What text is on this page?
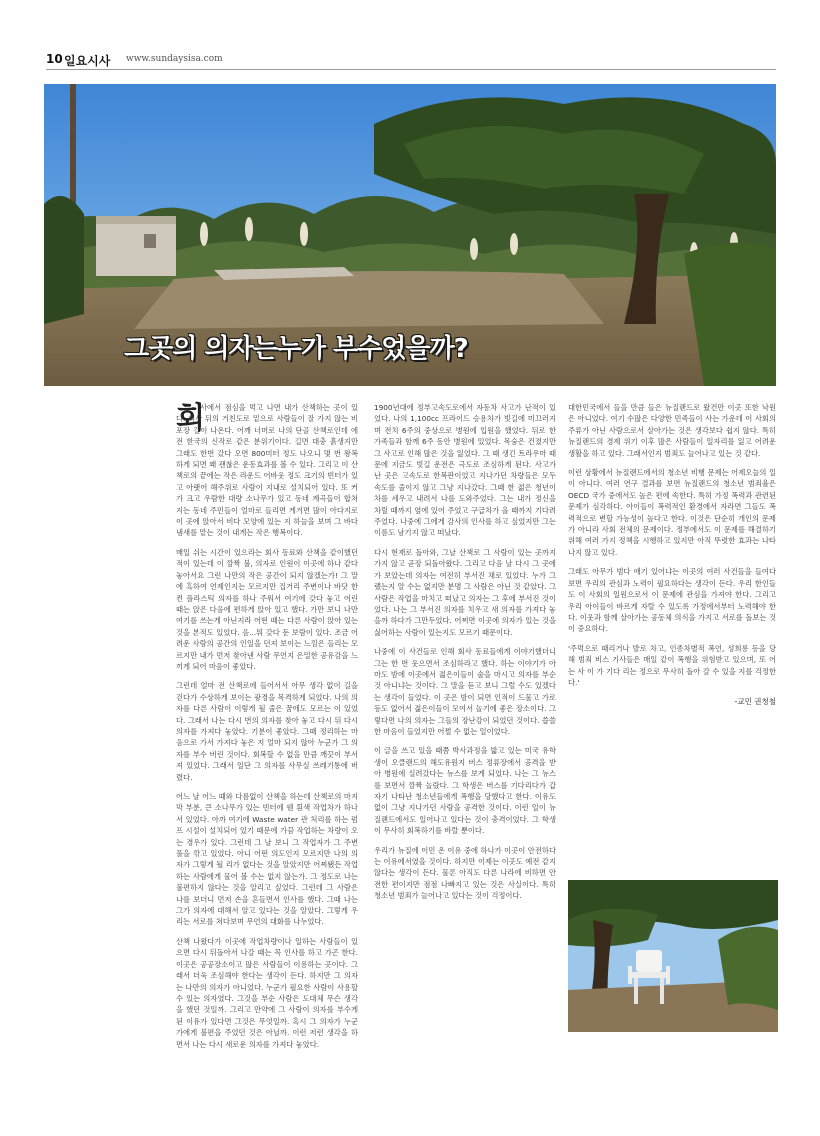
10 일요시사 www.sundaysisa.com
그곳의 의자는누가 부수었을까?
회

사에서 점심을 먹고 나면 내가 산책하는 곳이 있다. 회사 뒤의 거친도로 밑으로 사람들이 잘 가지 않는 비포장 길이 나온다. 어깨 너머로 나의 단골 산책로인데 에전 한국의 신작로 같은 분위기이다. 길면 대충 흙생지만 그래도 한번 갔다 오면 800미터 정도 나오니 몇 번 왕복하게 되면 꽤 괜찮은 운동효과를 볼 수 있다. 그리고 이 산책로의 끝에는 작은 라운드 어바웃 정도 크기의 빈터가 있고 아랫어 해주위로 사람이 지내로 설치되어 있다. 또 커가 크고 우람한 대량 소나무가 있고 동네 계곡들이 합쳐 지는 동네 주민들이 얼마로 들리면 게겨면 많이 아다지로 이 곳에 앉아서 비다 모양에 있는 지 하늘을 보며 그 바다 냄새를 맡는 것이 내게는 작은 행복이다.

매일 쉬는 시간이 있으라는 회사 동료와 산책을 같이했던 적이 있는데 이 깜짝 불, 의자로 인원이 이곳에 하나 같다 놓아서요 그런 나만의 작은 공간이 되지 않겠는가! 그 말에 흑하여 언제인지는 모르지만 집거리 주변이나 바닷 한켠 플라스틱 의자를 하나 주워서 여기에 갖다 놓고 어린 때는 앉은 다음에 편하게 앉아 있고 했다. 가만 보니 나만 여기를 쓰는게 아닌지라 어떤 때는 다른 사람이 앉아 있는 것을 본적도 있었다. 음...뭐 갖다 둔 보람이 있다. 조금 어려운 사람의 공간의 인일을 던져 보이는 느낌은 들리는 모르지만 내가 먼저 찾아낸 사람 무언지 은밀한 공유감을 느끼게 되어 마음이 좋았다.

그런데 얼마 전 산책로에 들어서서 아무 생각 없이 길을 걷다가 수상하게 보이는 광경을 목격하게 되었다. 나의 의자를 다른 사람이 이렇게 될 줄은 꿈에도 모르는 이 있었다. 그래서 나는 다시 번의 의자를 찾아 놓고 다시 뒤 다시 의자를 가져다 놓았다. 기분이 좋았다. 그때 정리하는 마음으로 가서 가져다 놓은 지 얼마 되지 않아 누군가 그 의자를 부수 버린 것이다. 회복할 수 없을 만큼 깨끗이 부서져 있었다. 그래서 일단 그 의자를 사무실 쓰레기통에 버렸다.

어느 날 어느 때와 다름없이 산책을 하는데 산책로의 마지막 부분, 큰 소나무가 있는 빈터에 웬 흰색 작업차가 하나 서 있었다. 아까 여기에 Waste water 관 처리를 하는 펌프 시설이 설치되어 있기 때문에 가끔 작업하는 차량이 오는 경우가 있다. 그런데 그 날 보니 그 작업자가 그 주변 풀을 깎고 있었다. 아니 어떤 의도인지 모르지만 나의 의자가 그렇게 될 리가 없다는 것을 알았지만 어찌됐든 작업하는 사람에게 물어 볼 수는 없지 않는가. 그 정도로 나는 불편하지 않다는 것을 알리고 싶었다. 그런데 그 사람은 나를 보더니 먼저 손을 흔들면서 인사를 했다. 그때 나는 그가 의자에 대해서 알고 있다는 것을 알았다. 그렇게 우리는 서로를 쳐다보며 무언의 대화를 나누었다.

산책 나왔다가 이곳에 작업차량이나 일하는 사람들이 있으면 다시 뒤돌아서 나갈 때는 꼭 인사를 하고 가곤 한다. 이곳은 공공장소이고 많은 사람들이 이용하는 곳이다. 그래서 더욱 조심해야 한다는 생각이 든다. 하지만 그 의자는 나만의 의자가 아니었다. 누군가 필요한 사람이 사용할 수 있는 의자였다. 그것을 부순 사람은 도대체 무슨 생각을 했던 것일까. 그리고 만약에 그 사람이 의자를 부수게 된 이유가 있다면 그것은 무엇일까. 혹시 그 의자가 누군가에게 불편을 주었던 것은 아닐까. 이런 저런 생각을 하면서 나는 다시 새로운 의자를 가져다 놓았다.

1900년대에 정부고속도로에서 자동차 사고가 난적이 있었다. 나의 1,100cc 프라이드 승용차가 빗길에 미끄러지며 전치 6주의 중상으로 병원에 입원을 했었다. 뒤로 한 가족들과 함께 6주 동안 병원에 있었다. 목숨은 건졌지만 그 사고로 인해 많은 것을 잃었다. 그 때 생긴 트라우마 때문에 지금도 빗길 운전은 극도로 조심하게 된다. 사고가 난 곳은 고속도로 한복판이었고 지나가던 차량들은 모두 속도를 줄이지 않고 그냥 지나갔다. 그때 한 젊은 청년이 차를 세우고 내려서 나를 도와주었다. 그는 내가 정신을 차릴 때까지 옆에 있어 주었고 구급차가 올 때까지 기다려 주었다. 나중에 그에게 감사의 인사를 하고 싶었지만 그는 이름도 남기지 않고 떠났다.

다시 현재로 돌아와, 그날 산책로 그 사람이 있는 곳까지 가지 않고 곧장 되돌아왔다. 그리고 다음 날 다시 그 곳에 가 보았는데 의자는 여전히 부서진 채로 있었다. 누가 그랬는지 알 수는 없지만 분명 그 사람은 아닌 것 같았다. 그 사람은 작업을 마치고 떠났고 의자는 그 후에 부서진 것이었다. 나는 그 부서진 의자를 치우고 새 의자를 가져다 놓을까 하다가 그만두었다. 어쩌면 이곳에 의자가 있는 것을 싫어하는 사람이 있는지도 모르기 때문이다.

나중에 이 사건들로 인해 회사 동료들에게 이야기했더니 그는 한 번 웃으면서 조심하라고 했다. 하는 이야기가 아마도 밤에 이곳에서 젊은이들이 술을 마시고 의자를 부순 것 아니냐는 것이다. 그 말을 듣고 보니 그럴 수도 있겠다는 생각이 들었다. 이 곳은 밤이 되면 인적이 드물고 가로등도 없어서 젊은이들이 모여서 놀기에 좋은 장소이다. 그렇다면 나의 의자는 그들의 장난감이 되었던 것이다. 씁쓸한 마음이 들었지만 어쩔 수 없는 일이었다.

이 글을 쓰고 있을 때쯤 박사과정을 밟고 있는 미국 유학생이 오클랜드의 해도유원지 버스 정류장에서 공격을 받아 병원에 실려갔다는 뉴스를 보게 되었다. 나는 그 뉴스를 보면서 깜짝 놀랐다. 그 학생은 버스를 기다리다가 갑자기 나타난 청소년들에게 폭행을 당했다고 한다. 이유도 없이 그냥 지나가던 사람을 공격한 것이다. 이런 일이 뉴질랜드에서도 일어나고 있다는 것이 충격이었다. 그 학생이 무사히 회복하기를 바랄 뿐이다.

우리가 뉴질에 이민 온 이유 중에 하나가 이곳이 안전하다는 이유에서였을 것이다. 하지만 이제는 이곳도 예전 같지 않다는 생각이 든다. 물론 아직도 다른 나라에 비하면 안전한 편이지만 점점 나빠지고 있는 것은 사실이다. 특히 청소년 범죄가 늘어나고 있다는 것이 걱정이다.

대한민국에서 들을 만큼 들은 뉴질랜드로 왔건만 이곳 또한 낙원은 아니었다. 여기 수많은 다양한 민족들이 사는 가운데 이 사회의 주류가 아닌 사람으로서 살아가는 것은 생각보다 쉽지 않다. 특히 뉴질랜드의 경제 위기 이후 많은 사람들이 일자리를 잃고 어려운 생활을 하고 있다. 그래서인지 범죄도 늘어나고 있는 것 같다.

이런 상황에서 뉴질랜드에서의 청소년 비행 문제는 어제오늘의 일이 아니다. 여러 연구 결과를 보면 뉴질랜드의 청소년 범죄율은 OECD 국가 중에서도 높은 편에 속한다. 특히 가정 폭력과 관련된 문제가 심각하다. 아이들이 폭력적인 환경에서 자라면 그들도 폭력적으로 변할 가능성이 높다고 한다. 이것은 단순히 개인의 문제가 아니라 사회 전체의 문제이다. 정부에서도 이 문제를 해결하기 위해 여러 가지 정책을 시행하고 있지만 아직 뚜렷한 효과는 나타나지 않고 있다.

그래도 아무가 범다 애기 있어냐는 이곳의 여러 사건들을 들여다보면 우리의 관심과 노력이 필요하다는 생각이 든다. 우리 한인들도 이 사회의 일원으로서 이 문제에 관심을 가져야 한다. 그리고 우리 아이들이 바르게 자랄 수 있도록 가정에서부터 노력해야 한다. 이웃과 함께 살아가는 공동체 의식을 가지고 서로를 돌보는 것이 중요하다.

'주먹으로 때리거나 발로 차고, 인종차별적 폭언, 성희롱 등을 당해 범죄 비스 기사들은 매일 같이 폭행을 위험받고 있으며, 또 어는 사 이 가 기다 리는 정으로 무사히 돌아 갈 수 있을 지를 걱정한다.'

-교민 권청철
